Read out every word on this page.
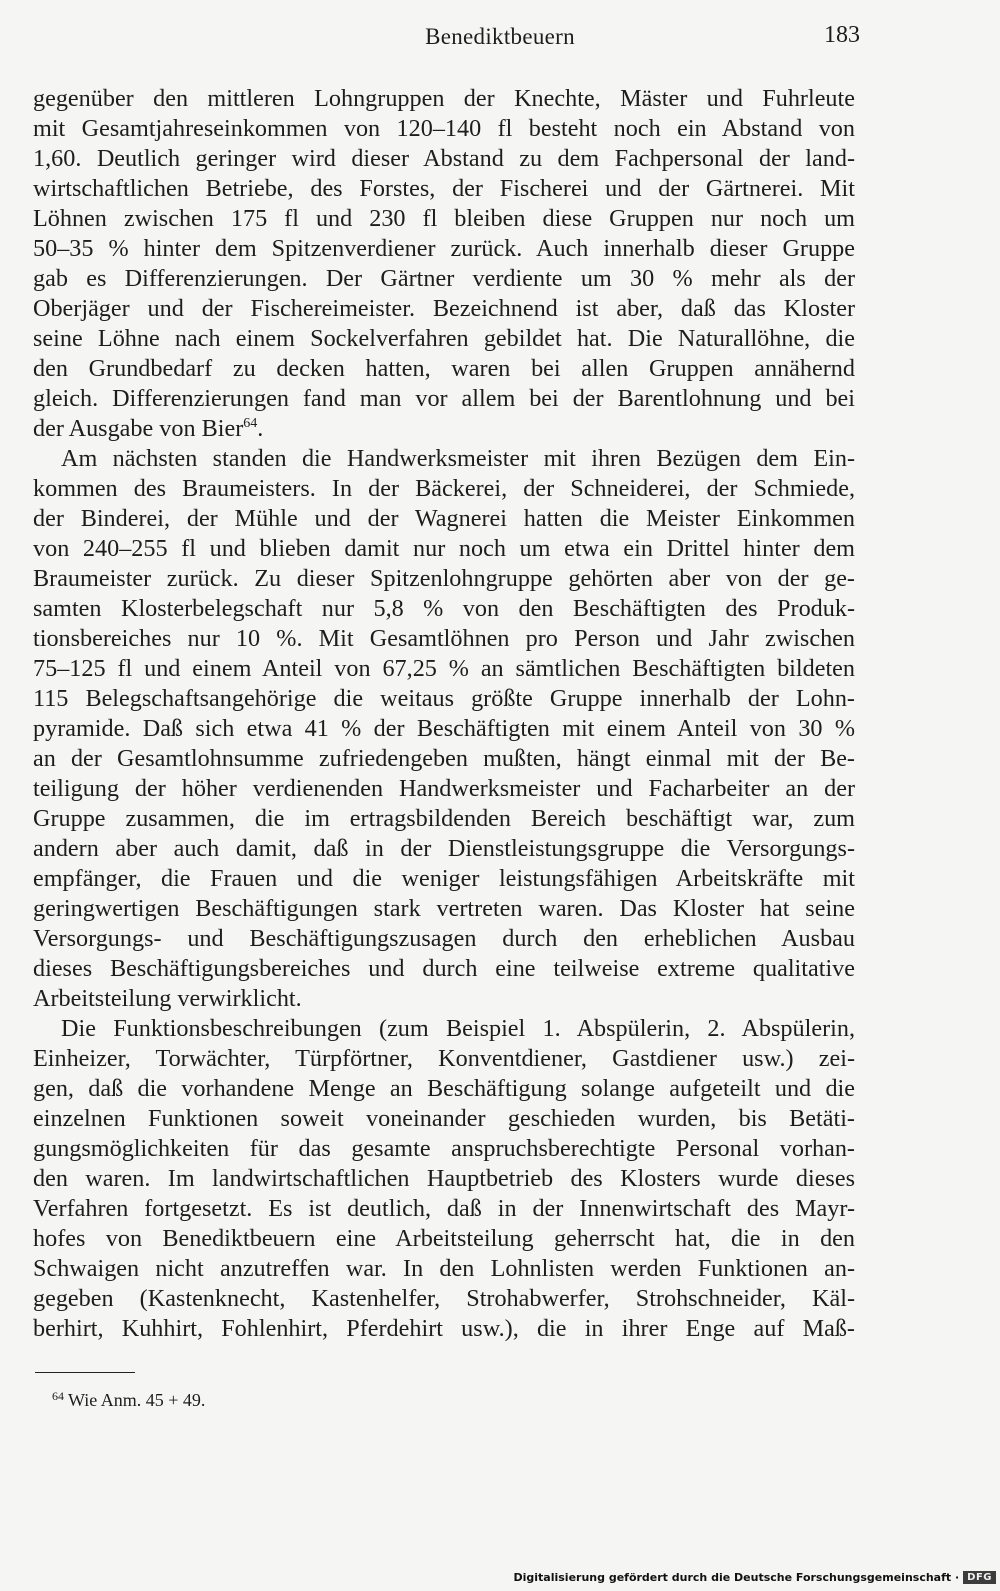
Benediktbeuern	183
gegenüber den mittleren Lohngruppen der Knechte, Mäster und Fuhrleute
mit Gesamtjahreseinkommen von 120–140 fl besteht noch ein Abstand von
1,60. Deutlich geringer wird dieser Abstand zu dem Fachpersonal der land-
wirtschaftlichen Betriebe, des Forstes, der Fischerei und der Gärtnerei. Mit
Löhnen zwischen 175 fl und 230 fl bleiben diese Gruppen nur noch um
50–35 % hinter dem Spitzenverdiener zurück. Auch innerhalb dieser Gruppe
gab es Differenzierungen. Der Gärtner verdiente um 30 % mehr als der
Oberjäger und der Fischereimeister. Bezeichnend ist aber, daß das Kloster
seine Löhne nach einem Sockelverfahren gebildet hat. Die Naturallöhne, die
den Grundbedarf zu decken hatten, waren bei allen Gruppen annähernd
gleich. Differenzierungen fand man vor allem bei der Barentlohnung und bei
der Ausgabe von Bier$^{64}$.
Am nächsten standen die Handwerksmeister mit ihren Bezügen dem Ein-
kommen des Braumeisters. In der Bäckerei, der Schneiderei, der Schmiede,
der Binderei, der Mühle und der Wagnerei hatten die Meister Einkommen
von 240–255 fl und blieben damit nur noch um etwa ein Drittel hinter dem
Braumeister zurück. Zu dieser Spitzenlohngruppe gehörten aber von der ge-
samten Klosterbelegschaft nur 5,8 % von den Beschäftigten des Produk-
tionsbereiches nur 10 %. Mit Gesamtlöhnen pro Person und Jahr zwischen
75–125 fl und einem Anteil von 67,25 % an sämtlichen Beschäftigten bildeten
115 Belegschaftsangehörige die weitaus größte Gruppe innerhalb der Lohn-
pyramide. Daß sich etwa 41 % der Beschäftigten mit einem Anteil von 30 %
an der Gesamtlohnsumme zufriedengeben mußten, hängt einmal mit der Be-
teiligung der höher verdienenden Handwerksmeister und Facharbeiter an der
Gruppe zusammen, die im ertragsbildenden Bereich beschäftigt war, zum
andern aber auch damit, daß in der Dienstleistungsgruppe die Versorgungs-
empfänger, die Frauen und die weniger leistungsfähigen Arbeitskräfte mit
geringwertigen Beschäftigungen stark vertreten waren. Das Kloster hat seine
Versorgungs- und Beschäftigungszusagen durch den erheblichen Ausbau
dieses Beschäftigungsbereiches und durch eine teilweise extreme qualitative
Arbeitsteilung verwirklicht.
Die Funktionsbeschreibungen (zum Beispiel 1. Abspülerin, 2. Abspülerin,
Einheizer, Torwächter, Türpförtner, Konventdiener, Gastdiener usw.) zei-
gen, daß die vorhandene Menge an Beschäftigung solange aufgeteilt und die
einzelnen Funktionen soweit voneinander geschieden wurden, bis Betäti-
gungsmöglichkeiten für das gesamte anspruchsberechtigte Personal vorhan-
den waren. Im landwirtschaftlichen Hauptbetrieb des Klosters wurde dieses
Verfahren fortgesetzt. Es ist deutlich, daß in der Innenwirtschaft des Mayr-
hofes von Benediktbeuern eine Arbeitsteilung geherrscht hat, die in den
Schwaigen nicht anzutreffen war. In den Lohnlisten werden Funktionen an-
gegeben (Kastenknecht, Kastenhelfer, Strohabwerfer, Strohschneider, Käl-
berhirt, Kuhhirt, Fohlenhirt, Pferdehirt usw.), die in ihrer Enge auf Maß-
$^{64}$ Wie Anm. 45 + 49.
Digitalisierung gefördert durch die Deutsche Forschungsgemeinschaft · DFG
